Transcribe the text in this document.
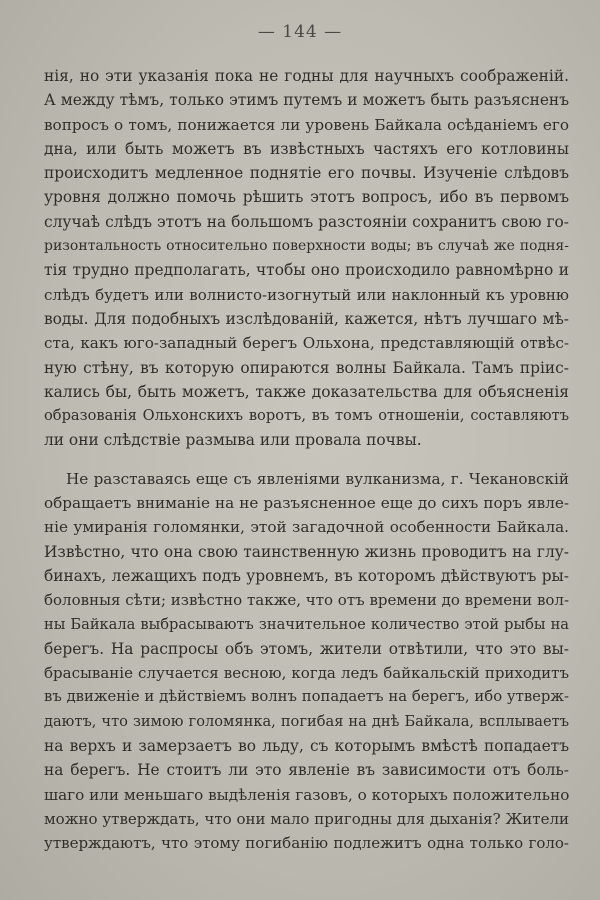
— 144 —
нія, но эти указанія пока не годны для научныхъ соображеній.
А между тѣмъ, только этимъ путемъ и можетъ быть разъясненъ
вопросъ о томъ, понижается ли уровень Байкала осѣданіемъ его
дна, или быть можетъ въ извѣстныхъ частяхъ его котловины
происходитъ медленное поднятіе его почвы. Изученіе слѣдовъ
уровня должно помочь рѣшить этотъ вопросъ, ибо въ первомъ
случаѣ слѣдъ этотъ на большомъ разстояніи сохранитъ свою го-
ризонтальность относительно поверхности воды; въ случаѣ же подня-
тія трудно предполагать, чтобы оно происходило равномѣрно и
слѣдъ будетъ или волнисто-изогнутый или наклонный къ уровню
воды. Для подобныхъ изслѣдованій, кажется, нѣтъ лучшаго мѣ-
ста, какъ юго-западный берегъ Ольхона, представляющій отвѣс-
ную стѣну, въ которую опираются волны Байкала. Тамъ пріис-
кались бы, быть можетъ, также доказательства для объясненія
образованія Ольхонскихъ воротъ, въ томъ отношеніи, составляютъ
ли они слѣдствіе размыва или провала почвы.
Не разставаясь еще съ явленіями вулканизма, г. Чекановскій
обращаетъ вниманіе на не разъясненное еще до сихъ поръ явле-
ніе умиранія голомянки, этой загадочной особенности Байкала.
Извѣстно, что она свою таинственную жизнь проводитъ на глу-
бинахъ, лежащихъ подъ уровнемъ, въ которомъ дѣйствуютъ ры-
боловныя сѣти; извѣстно также, что отъ времени до времени вол-
ны Байкала выбрасываютъ значительное количество этой рыбы на
берегъ. На распросы объ этомъ, жители отвѣтили, что это вы-
брасываніе случается весною, когда ледъ байкальскій приходитъ
въ движеніе и дѣйствіемъ волнъ попадаетъ на берегъ, ибо утверж-
даютъ, что зимою голомянка, погибая на днѣ Байкала, всплываетъ
на верхъ и замерзаетъ во льду, съ которымъ вмѣстѣ попадаетъ
на берегъ. Не стоитъ ли это явленіе въ зависимости отъ боль-
шаго или меньшаго выдѣленія газовъ, о которыхъ положительно
можно утверждать, что они мало пригодны для дыханія? Жители
утверждаютъ, что этому погибанію подлежитъ одна только голо-
